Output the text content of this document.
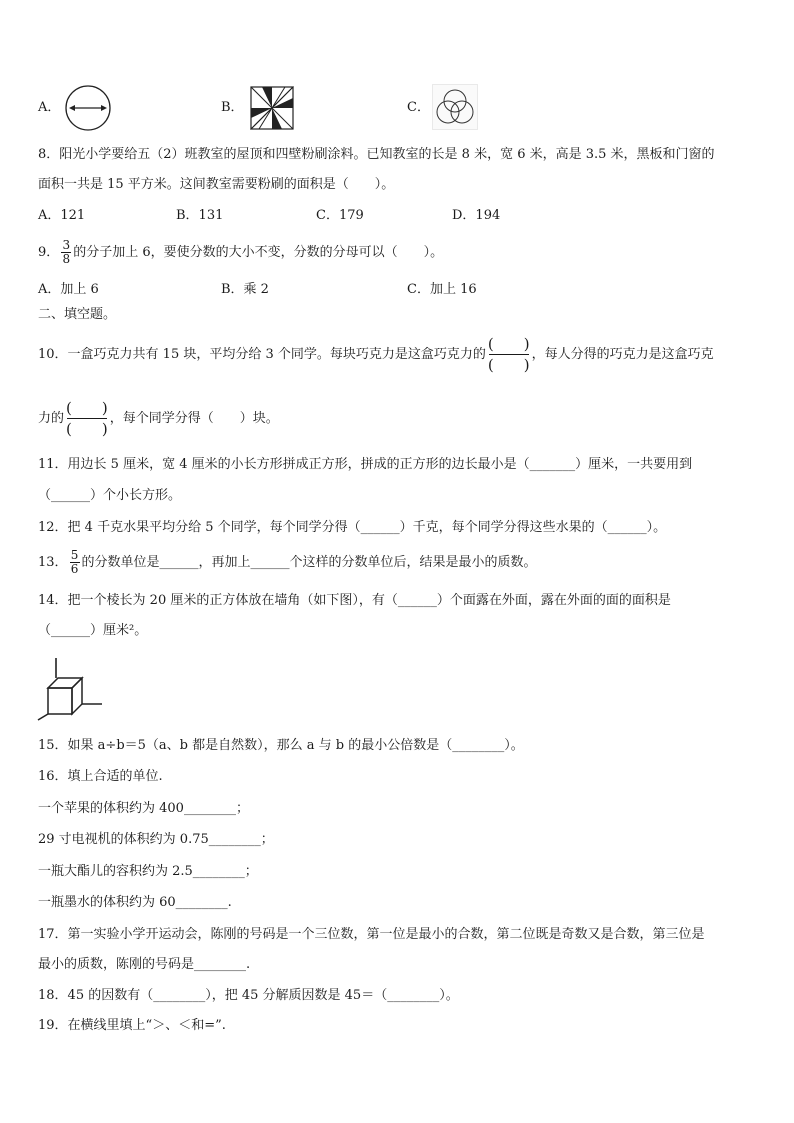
A．	B．	C．
8．阳光小学要给五（2）班教室的屋顶和四壁粉刷涂料。已知教室的长是 8 米，宽 6 米，高是 3.5 米，黑板和门窗的
面积一共是 15 平方米。这间教室需要粉刷的面积是（　　）。
A．121	B．131	C．179	D．194
9． $\frac{3}{8}$ 的分子加上 6，要使分数的大小不变，分数的分母可以（　　）。
A．加上 6	B．乘 2	C．加上 16
二、填空题。
10．一盒巧克力共有 15 块，平均分给 3 个同学。每块巧克力是这盒巧克力的
(　　)
(　　)
，每人分得的巧克力是这盒巧克
力的
(　　)
(　　)
，每个同学分得（　　）块。
11．用边长 5 厘米，宽 4 厘米的小长方形拼成正方形，拼成的正方形的边长最小是（_______）厘米，一共要用到
（______）个小长方形。
12．把 4 千克水果平均分给 5 个同学，每个同学分得（______）千克，每个同学分得这些水果的（______）。
13． $\frac{5}{6}$ 的分数单位是______，再加上______个这样的分数单位后，结果是最小的质数。
14．把一个棱长为 20 厘米的正方体放在墙角（如下图），有（______）个面露在外面，露在外面的面的面积是
（______）厘米²。
15．如果 a÷b＝5（a、b 都是自然数），那么 a 与 b 的最小公倍数是（________）。
16．填上合适的单位.
一个苹果的体积约为 400________；
29 寸电视机的体积约为 0.75________；
一瓶大酯儿的容积约为 2.5________；
一瓶墨水的体积约为 60________.
17．第一实验小学开运动会，陈刚的号码是一个三位数，第一位是最小的合数，第二位既是奇数又是合数，第三位是
最小的质数，陈刚的号码是________.
18．45 的因数有（________），把 45 分解质因数是 45＝（________）。
19．在横线里填上“＞、＜和=”.
